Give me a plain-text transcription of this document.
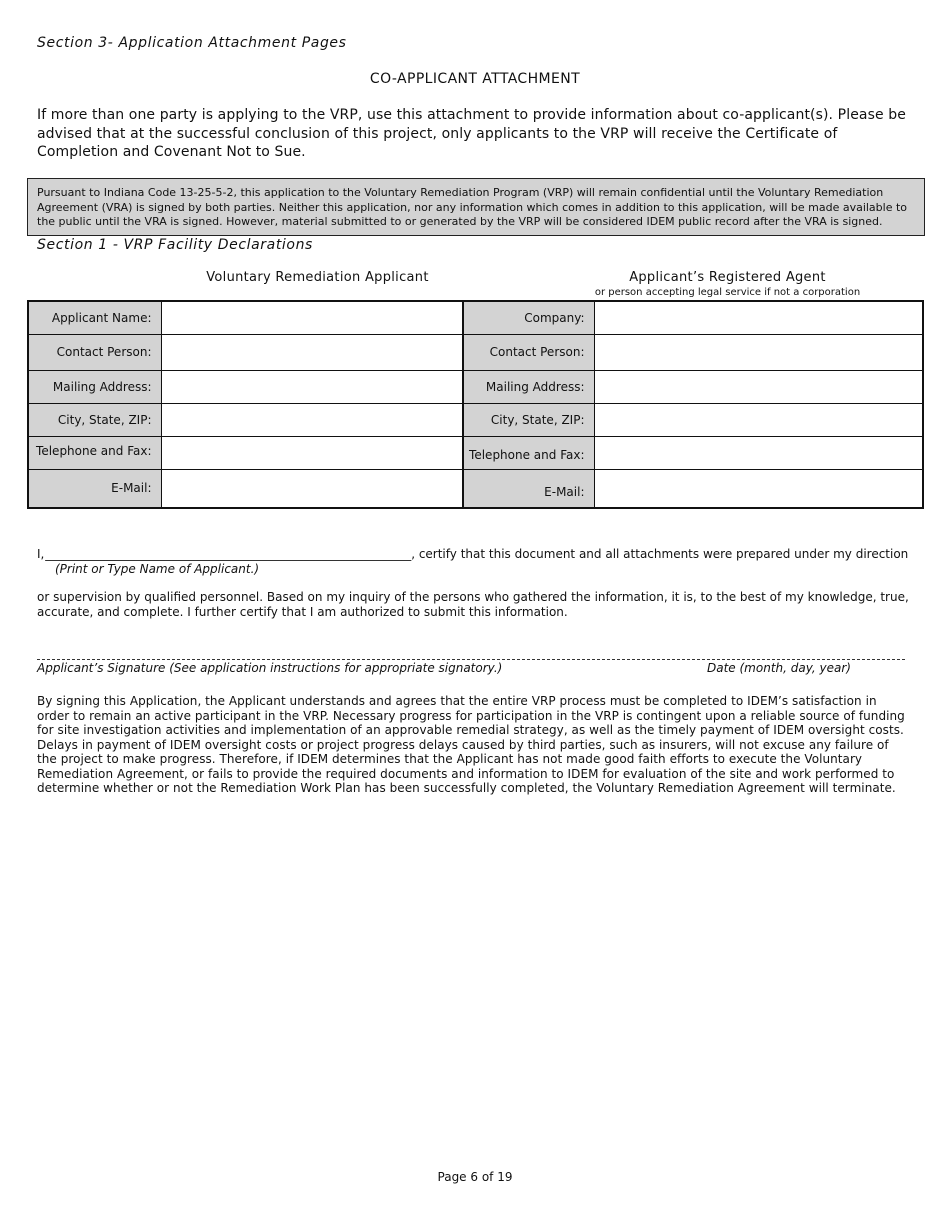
Section 3- Application Attachment Pages
CO-APPLICANT ATTACHMENT
If more than one party is applying to the VRP, use this attachment to provide information about co-applicant(s). Please be advised that at the successful conclusion of this project, only applicants to the VRP will receive the Certificate of Completion and Covenant Not to Sue.
Pursuant to Indiana Code 13-25-5-2, this application to the Voluntary Remediation Program (VRP) will remain confidential until the Voluntary Remediation Agreement (VRA) is signed by both parties. Neither this application, nor any information which comes in addition to this application, will be made available to the public until the VRA is signed. However, material submitted to or generated by the VRP will be considered IDEM public record after the VRA is signed.
Section 1 - VRP Facility Declarations
Voluntary Remediation Applicant	Applicant’s Registered Agent
or person accepting legal service if not a corporation
Applicant Name:		Company:	
Contact Person:		Contact Person:	
Mailing Address:		Mailing Address:	
City, State, ZIP:		City, State, ZIP:	
Telephone and Fax:		Telephone and Fax:	
E-Mail:		E-Mail:	
I, _____________________________________________________________, certify that this document and all attachments were prepared under my direction
(Print or Type Name of Applicant.)
or supervision by qualified personnel. Based on my inquiry of the persons who gathered the information, it is, to the best of my knowledge, true, accurate, and complete. I further certify that I am authorized to submit this information.
Applicant’s Signature (See application instructions for appropriate signatory.)	Date (month, day, year)
By signing this Application, the Applicant understands and agrees that the entire VRP process must be completed to IDEM’s satisfaction in order to remain an active participant in the VRP. Necessary progress for participation in the VRP is contingent upon a reliable source of funding for site investigation activities and implementation of an approvable remedial strategy, as well as the timely payment of IDEM oversight costs. Delays in payment of IDEM oversight costs or project progress delays caused by third parties, such as insurers, will not excuse any failure of the project to make progress. Therefore, if IDEM determines that the Applicant has not made good faith efforts to execute the Voluntary Remediation Agreement, or fails to provide the required documents and information to IDEM for evaluation of the site and work performed to determine whether or not the Remediation Work Plan has been successfully completed, the Voluntary Remediation Agreement will terminate.
Page 6 of 19
